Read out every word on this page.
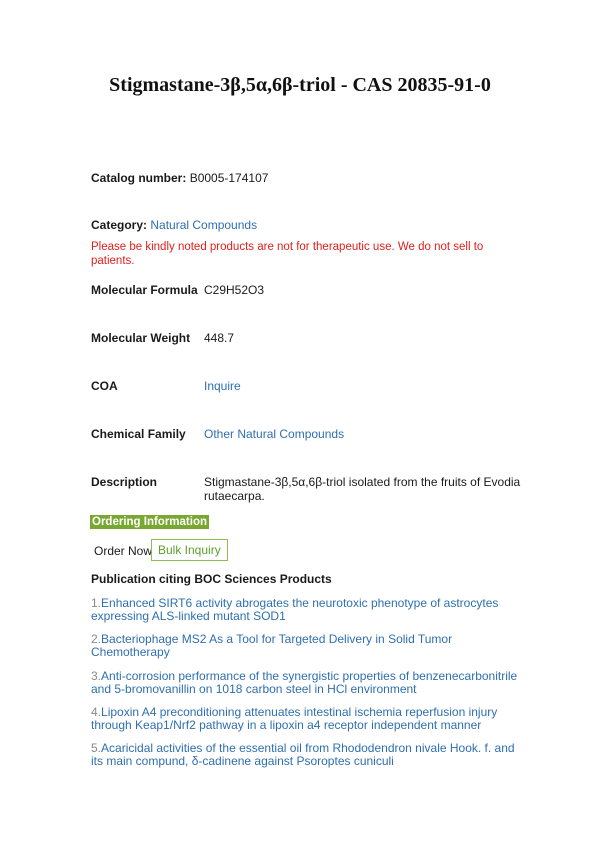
Stigmastane-3β,5α,6β-triol - CAS 20835-91-0
Catalog number: B0005-174107
Category: Natural Compounds
Please be kindly noted products are not for therapeutic use. We do not sell to patients.
Molecular Formula C29H52O3
Molecular Weight 448.7
COA	Inquire
Chemical Family Other Natural Compounds
Description	Stigmastane-3β,5α,6β-triol isolated from the fruits of Evodia rutaecarpa.
Ordering Information
Order Now Bulk Inquiry
Publication citing BOC Sciences Products
1.Enhanced SIRT6 activity abrogates the neurotoxic phenotype of astrocytes expressing ALS-linked mutant SOD1
2.Bacteriophage MS2 As a Tool for Targeted Delivery in Solid Tumor Chemotherapy
3.Anti-corrosion performance of the synergistic properties of benzenecarbonitrile and 5-bromovanillin on 1018 carbon steel in HCl environment
4.Lipoxin A4 preconditioning attenuates intestinal ischemia reperfusion injury through Keap1/Nrf2 pathway in a lipoxin a4 receptor independent manner
5.Acaricidal activities of the essential oil from Rhododendron nivale Hook. f. and its main compund, δ-cadinene against Psoroptes cuniculi
